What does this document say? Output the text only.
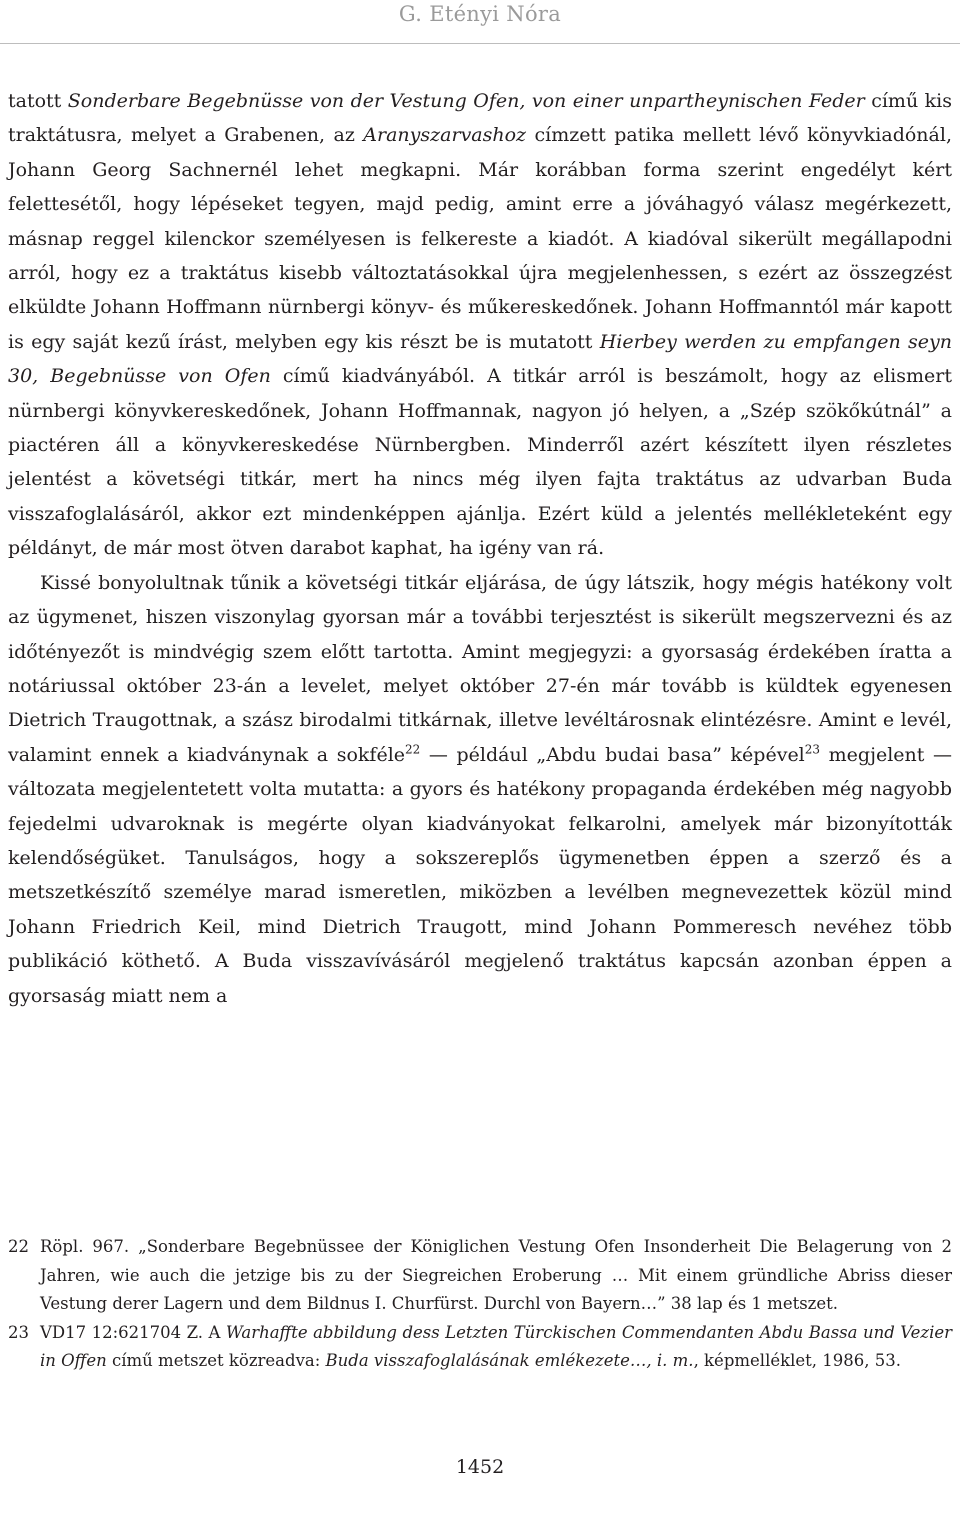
G. Etényi Nóra

tatott Sonderbare Begebnüsse von der Vestung Ofen, von einer unpartheynischen Feder című kis traktátusra, melyet a Grabenen, az Aranyszarvashoz címzett patika mellett lévő könyvkiadónál, Johann Georg Sachnernél lehet megkapni. Már korábban forma szerint engedélyt kért felettesétől, hogy lépéseket tegyen, majd pedig, amint erre a jóváhagyó válasz megérkezett, másnap reggel kilenckor személyesen is felkereste a kiadót. A kiadóval sikerült megállapodni arról, hogy ez a traktátus kisebb változtatásokkal újra megjelenhessen, s ezért az összegzést elküldte Johann Hoffmann nürnbergi könyv- és műkereskedőnek. Johann Hoffmanntól már kapott is egy saját kezű írást, melyben egy kis részt be is mutatott Hierbey werden zu empfangen seyn 30, Begebnüsse von Ofen című kiadványából. A titkár arról is beszámolt, hogy az elismert nürnbergi könyvkereskedőnek, Johann Hoffmannak, nagyon jó helyen, a „Szép szökőkútnál” a piactéren áll a könyvkereskedése Nürnbergben. Minderről azért készített ilyen részletes jelentést a követségi titkár, mert ha nincs még ilyen fajta traktátus az udvarban Buda visszafoglalásáról, akkor ezt mindenképpen ajánlja. Ezért küld a jelentés mellékleteként egy példányt, de már most ötven darabot kaphat, ha igény van rá.

Kissé bonyolultnak tűnik a követségi titkár eljárása, de úgy látszik, hogy mégis hatékony volt az ügymenet, hiszen viszonylag gyorsan már a további terjesztést is sikerült megszervezni és az időtényezőt is mindvégig szem előtt tartotta. Amint megjegyzi: a gyorsaság érdekében íratta a notáriussal október 23-án a levelet, melyet október 27-én már tovább is küldtek egyenesen Dietrich Traugottnak, a szász birodalmi titkárnak, illetve levéltárosnak elintézésre. Amint e levél, valamint ennek a kiadványnak a sokféle$^{22}$ — például „Abdu budai basa” képével$^{23}$ megjelent — változata megjelentetett volta mutatta: a gyors és hatékony propaganda érdekében még nagyobb fejedelmi udvaroknak is megérte olyan kiadványokat felkarolni, amelyek már bizonyították kelendőségüket. Tanulságos, hogy a sokszereplős ügymenetben éppen a szerző és a metszetkészítő személye marad ismeretlen, miközben a levélben megnevezettek közül mind Johann Friedrich Keil, mind Dietrich Traugott, mind Johann Pommeresch nevéhez több publikáció köthető. A Buda visszavívásáról megjelenő traktátus kapcsán azonban éppen a gyorsaság miatt nem a

22 Röpl. 967. „Sonderbare Begebnüssee der Königlichen Vestung Ofen Insonderheit Die Belagerung von 2 Jahren, wie auch die jetzige bis zu der Siegreichen Eroberung … Mit einem gründliche Abriss dieser Vestung derer Lagern und dem Bildnus I. Churfürst. Durchl von Bayern…” 38 lap és 1 metszet.

23 VD17 12:621704 Z. A Warhaffte abbildung dess Letzten Türckischen Commendanten Abdu Bassa und Vezier in Offen című metszet közreadva: Buda visszafoglalásának emlékezete…, i. m., képmelléklet, 1986, 53.

1452
